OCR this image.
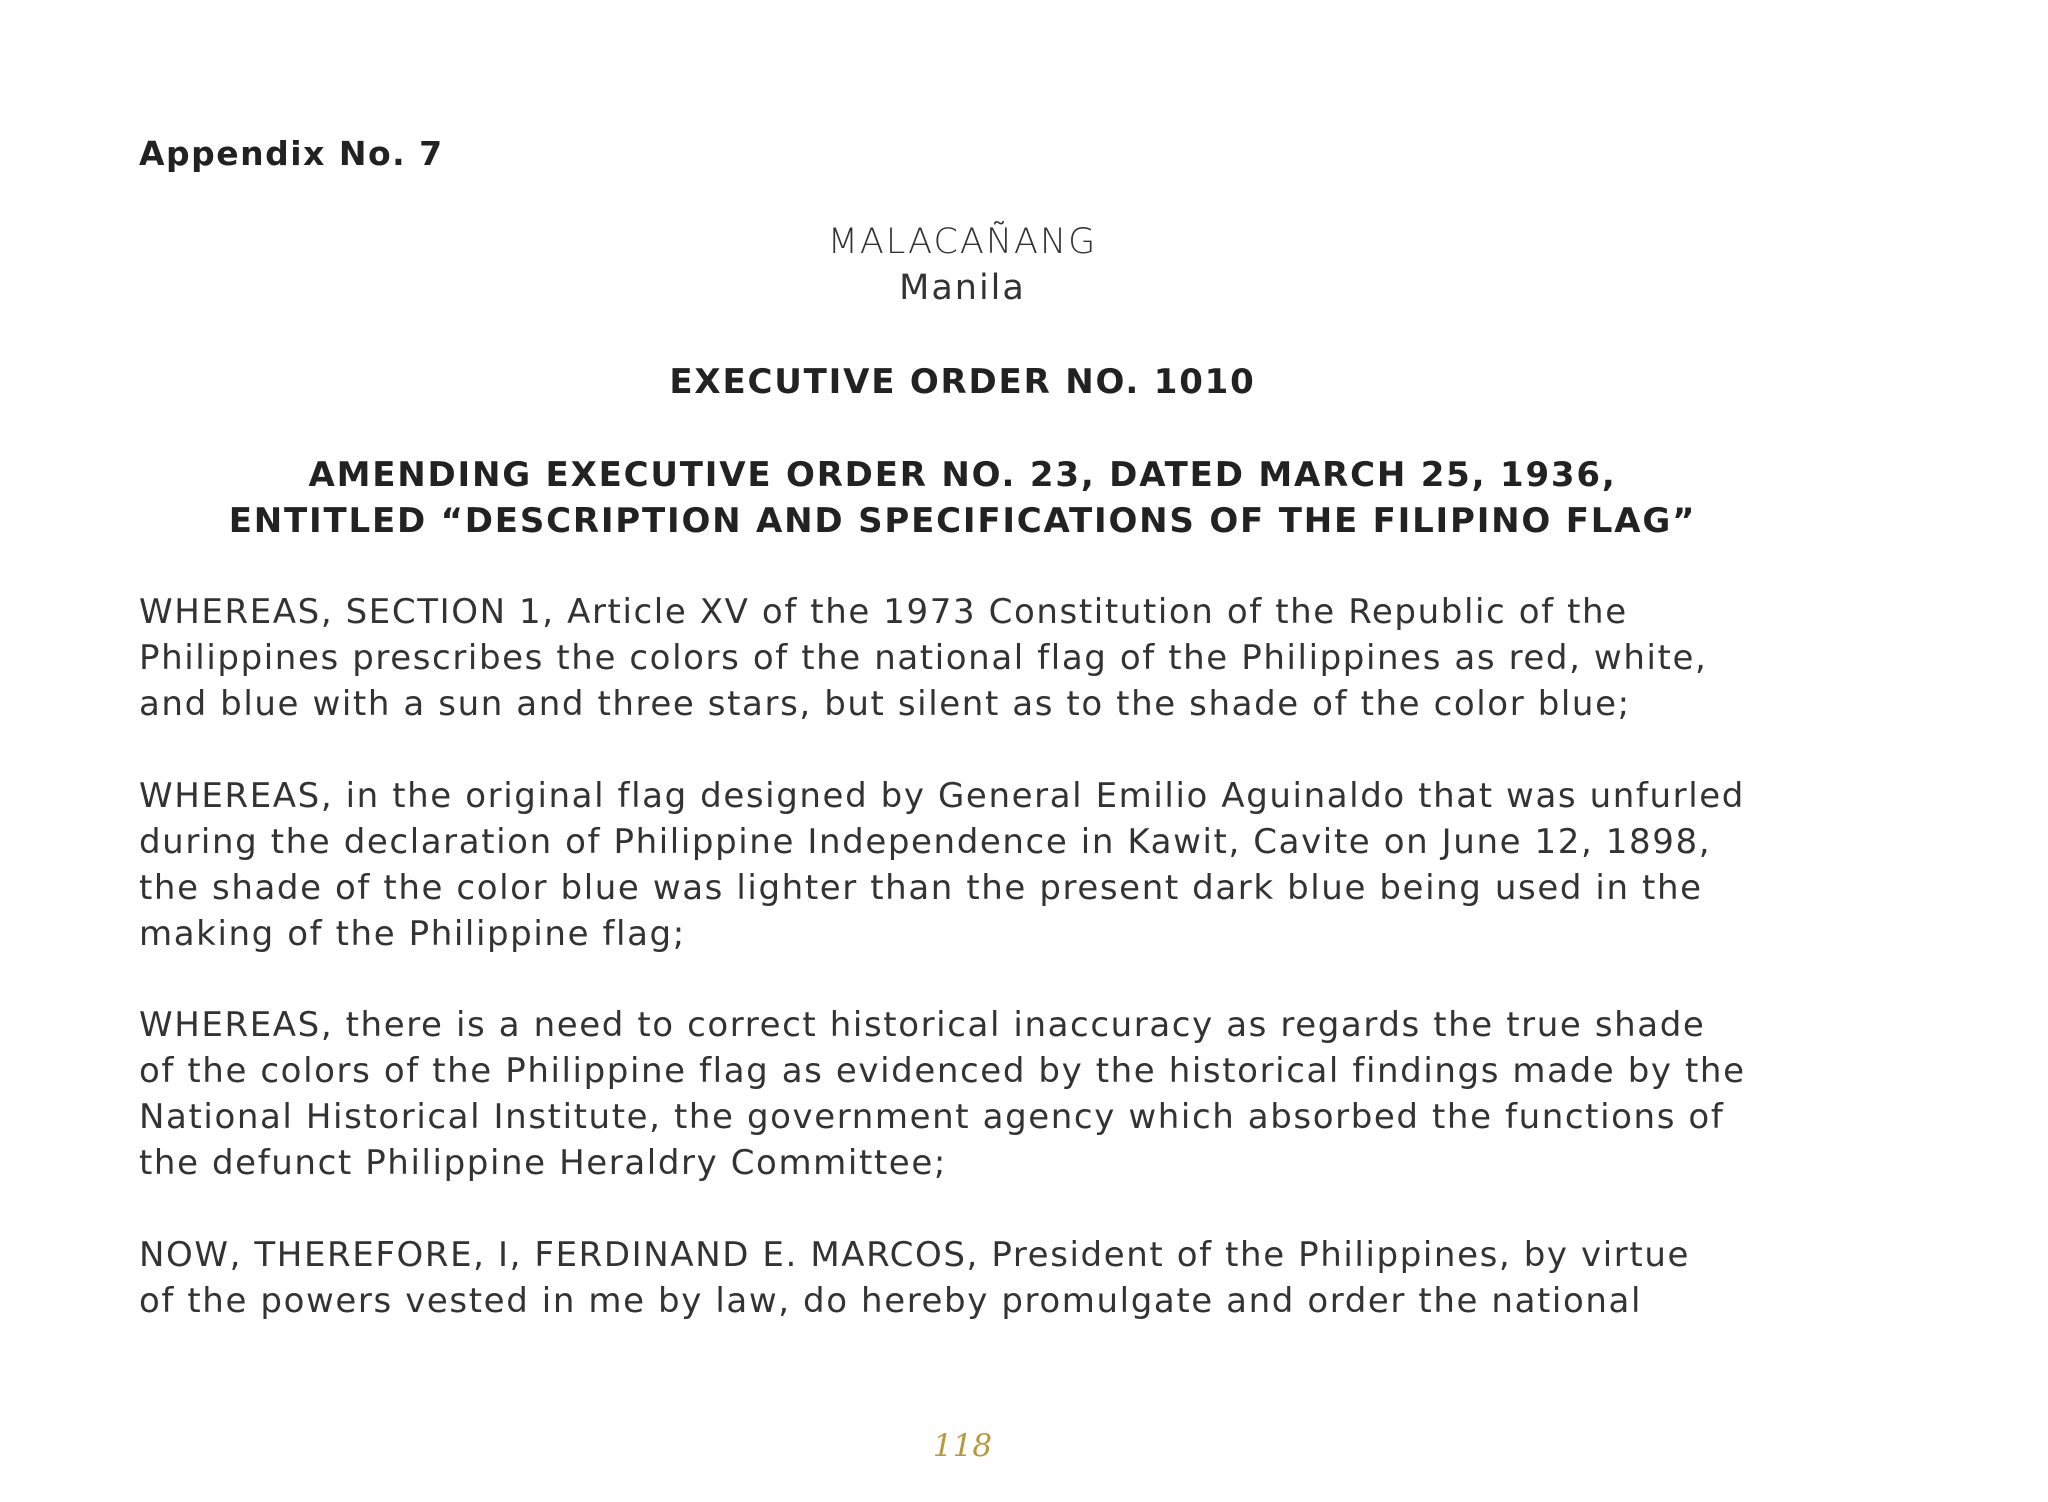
Appendix No. 7
MALACAÑANG
Manila
EXECUTIVE ORDER NO. 1010
AMENDING EXECUTIVE ORDER NO. 23, DATED MARCH 25, 1936,
ENTITLED “DESCRIPTION AND SPECIFICATIONS OF THE FILIPINO FLAG”
WHEREAS, SECTION 1, Article XV of the 1973 Constitution of the Republic of the
Philippines prescribes the colors of the national flag of the Philippines as red, white,
and blue with a sun and three stars, but silent as to the shade of the color blue;
WHEREAS, in the original flag designed by General Emilio Aguinaldo that was unfurled
during the declaration of Philippine Independence in Kawit, Cavite on June 12, 1898,
the shade of the color blue was lighter than the present dark blue being used in the
making of the Philippine flag;
WHEREAS, there is a need to correct historical inaccuracy as regards the true shade
of the colors of the Philippine flag as evidenced by the historical findings made by the
National Historical Institute, the government agency which absorbed the functions of
the defunct Philippine Heraldry Committee;
NOW, THEREFORE, I, FERDINAND E. MARCOS, President of the Philippines, by virtue
of the powers vested in me by law, do hereby promulgate and order the national
118
